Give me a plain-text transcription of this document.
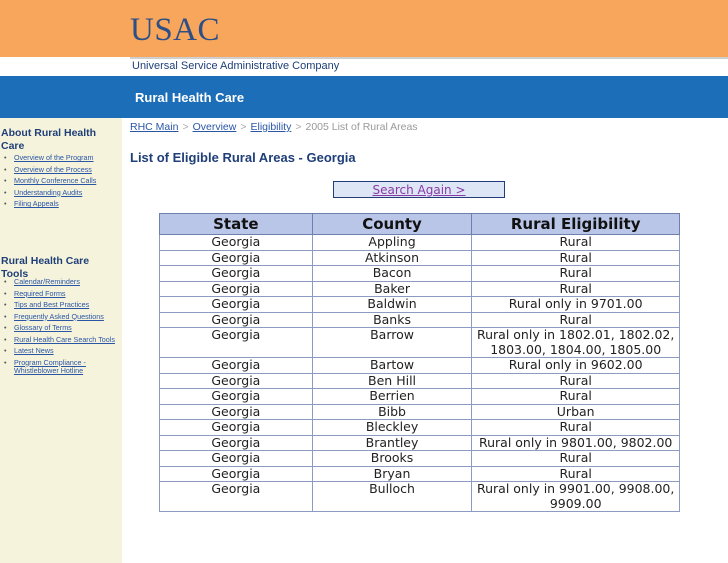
USAC
Universal Service Administrative Company
Rural Health Care
About Rural Health Care
• Overview of the Program
• Overview of the Process
• Monthly Conference Calls
• Understanding Audits
• Filing Appeals
Rural Health Care Tools
• Calendar/Reminders
• Required Forms
• Tips and Best Practices
• Frequently Asked Questions
• Glossary of Terms
• Rural Health Care Search Tools
• Latest News
• Program Compliance - Whistleblower Hotline
RHC Main > Overview > Eligibility > 2005 List of Rural Areas
List of Eligible Rural Areas - Georgia
Search Again >
State	County	Rural Eligibility
Georgia	Appling	Rural
Georgia	Atkinson	Rural
Georgia	Bacon	Rural
Georgia	Baker	Rural
Georgia	Baldwin	Rural only in 9701.00
Georgia	Banks	Rural
Georgia	Barrow	Rural only in 1802.01, 1802.02, 1803.00, 1804.00, 1805.00
Georgia	Bartow	Rural only in 9602.00
Georgia	Ben Hill	Rural
Georgia	Berrien	Rural
Georgia	Bibb	Urban
Georgia	Bleckley	Rural
Georgia	Brantley	Rural only in 9801.00, 9802.00
Georgia	Brooks	Rural
Georgia	Bryan	Rural
Georgia	Bulloch	Rural only in 9901.00, 9908.00, 9909.00
